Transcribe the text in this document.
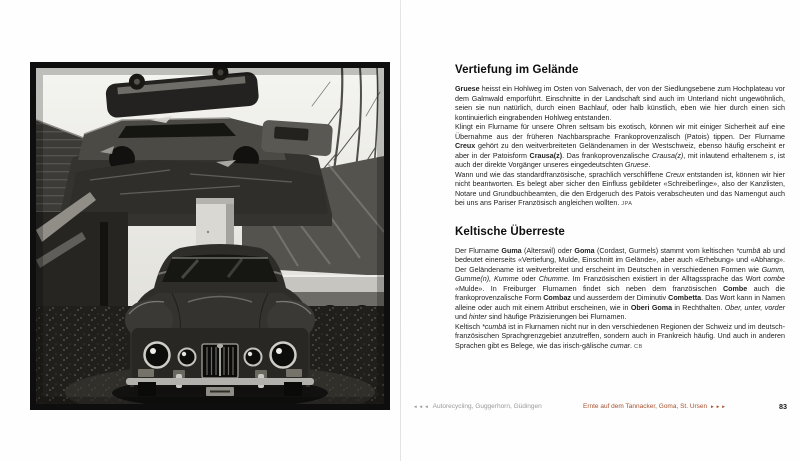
Vertiefung im Gelände

Gruese heisst ein Hohlweg im Osten von Salvenach, der von der Siedlungsebene zum Hochplateau vor dem Galmwald emporführt. Einschnitte in der Landschaft sind auch im Unterland nicht ungewöhnlich, seien sie nun natürlich, durch einen Bachlauf, oder halb künstlich, eben wie hier durch einen sich kontinuierlich eingrabenden Hohlweg entstanden.

Klingt ein Flurname für unsere Ohren seltsam bis exotisch, können wir mit einiger Sicherheit auf eine Übernahme aus der früheren Nachbarsprache Frankoprovenzalisch (Patois) tippen. Der Flurname Creux gehört zu den weitverbreiteten Geländenamen in der Westschweiz, ebenso häufig erscheint er aber in der Patoisform Crausa(z). Das frankoprovenzalische Crausa(z), mit inlautend erhaltenem s, ist auch der direkte Vorgänger unseres eingedeutschten Gruese.

Wann und wie das standardfranzösische, sprachlich verschliffene Creux entstanden ist, können wir hier nicht beantworten. Es belegt aber sicher den Einfluss gebildeter «Schreiberlinge», also der Kanzlisten, Notare und Grundbuchbeamten, die den Erdgeruch des Patois verabscheuten und das Namengut auch bei uns ans Pariser Französisch angleichen wollten. JPA

Keltische Überreste

Der Flurname Guma (Alterswil) oder Goma (Cordast, Gurmels) stammt vom keltischen *cumbā ab und bedeutet einerseits «Vertiefung, Mulde, Einschnitt im Gelände», aber auch «Erhebung» und «Abhang». Der Geländename ist weitverbreitet und erscheint im Deutschen in verschiedenen Formen wie Gumm, Gumme(n), Kumme oder Chumme. Im Französischen existiert in der Alltagssprache das Wort combe «Mulde». In Freiburger Flurnamen findet sich neben dem französischen Combe auch die frankoprovenzalische Form Combaz und ausserdem der Diminutiv Combetta. Das Wort kann in Namen alleine oder auch mit einem Attribut erscheinen, wie in Oberi Goma in Rechthalten. Ober, unter, vorder und hinter sind häufige Präzisierungen bei Flurnamen.

Keltisch *cumbā ist in Flurnamen nicht nur in den verschiedenen Regionen der Schweiz und im deutsch-französischen Sprachgrenzgebiet anzutreffen, sondern auch in Frankreich häufig. Und auch in anderen Sprachen gibt es Belege, wie das irisch-gälische cumar. CB

◄◄◄ Autorecycling, Guggerhorn, Güdingen	Ernte auf dem Tannacker, Goma, St. Ursen ►►►	83
